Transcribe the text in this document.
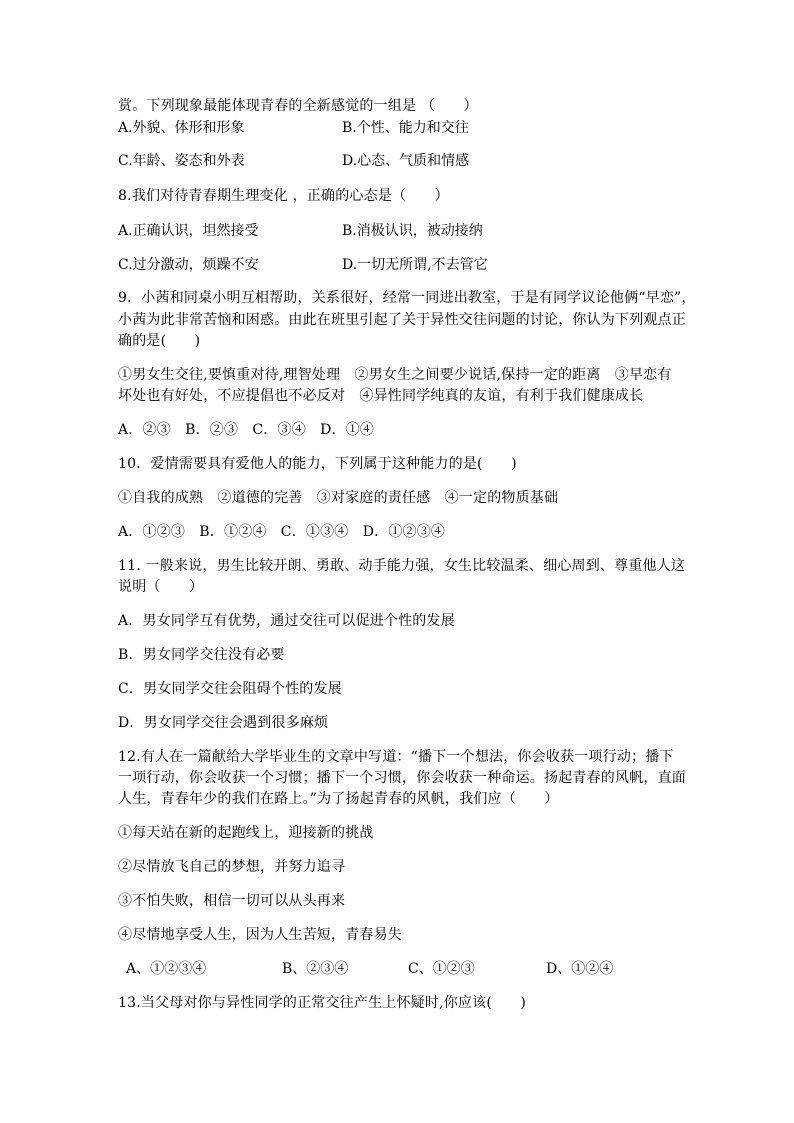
赏。下列现象最能体现青春的全新感觉的一组是 （　　）
A.外貌、体形和形象	B.个性、能力和交往
C.年龄、姿态和外表	D.心态、气质和情感
8.我们对待青春期生理变化 ，正确的心态是（　　）
A.正确认识，坦然接受	B.消极认识，被动接纳
C.过分激动，烦躁不安	D.一切无所谓,不去管它
9．小茜和同桌小明互相帮助，关系很好，经常一同进出教室，于是有同学议论他俩“早恋”，
小茜为此非常苦恼和困惑。由此在班里引起了关于异性交往问题的讨论，你认为下列观点正
确的是(　　)
①男女生交往,要慎重对待,理智处理　②男女生之间要少说话,保持一定的距离　③早恋有
坏处也有好处，不应提倡也不必反对　④异性同学纯真的友谊，有利于我们健康成长
A．②③　B．②③　C．③④　D．①④
10．爱情需要具有爱他人的能力，下列属于这种能力的是(　　)
①自我的成熟　②道德的完善　③对家庭的责任感　④一定的物质基础
A．①②③　B．①②④　C．①③④　D．①②③④
11. 一般来说，男生比较开朗、勇敢、动手能力强，女生比较温柔、细心周到、尊重他人这
说明（　　）
A．男女同学互有优势，通过交往可以促进个性的发展
B．男女同学交往没有必要
C．男女同学交往会阻碍个性的发展
D．男女同学交往会遇到很多麻烦
12.有人在一篇献给大学毕业生的文章中写道：“播下一个想法，你会收获一项行动；播下
一项行动，你会收获一个习惯；播下一个习惯，你会收获一种命运。扬起青春的风帆，直面
人生，青春年少的我们在路上。”为了扬起青春的风帆，我们应（　　）
①每天站在新的起跑线上，迎接新的挑战
②尽情放飞自己的梦想，并努力追寻
③不怕失败，相信一切可以从头再来
④尽情地享受人生，因为人生苦短，青春易失
A、①②③④	B、②③④	C、①②③	D、①②④
13.当父母对你与异性同学的正常交往产生上怀疑时,你应该(　　)
